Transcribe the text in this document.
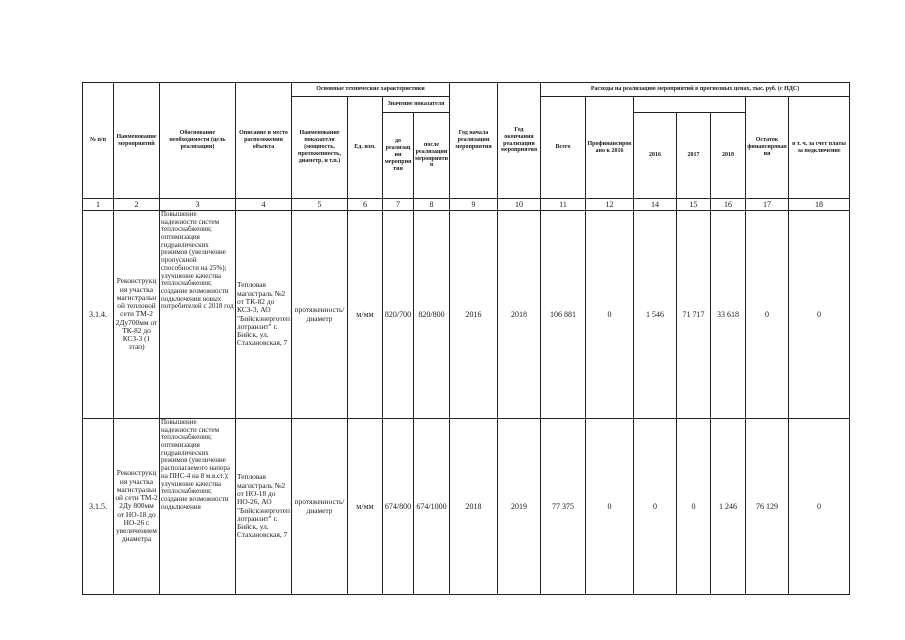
№ п/п	Наименование мероприятий	Обоснование необходимости (цель реализации)	Описание и место расположения объекта	Основные технические характеристики				Год начала реализации мероприятия	Год окончания реализации мероприятия	Расходы на реализацию мероприятий в прогнозных ценах, тыс. руб. (с НДС)						
				Наименование показателя (мощность, протяженность, диаметр, и т.п.)	Ед. изм.	Значение показателя				Всего	Профинансировано к 2016				Остаток финансирования	в т. ч. за счет платы за подключение
						до реализации мероприятия	после реализации мероприятия					2016	2017	2018		
1	2	3	4	5	6	7	8	9	10	11	12	14	15	16	17	18
3.1.4.	Реконструкция участка магистральной тепловой сети ТМ-2 2Ду700мм от ТК-82 до КСЗ-3 (1 этап)	Повышение надежности систем теплоснабжения; оптимизация гидравлических режимов (увеличение пропускной способности на 25%); улучшение качества теплоснабжения; создание возможности подключения новых потребителей с 2018 год	Тепловая магистраль №2 от ТК-82 до КСЗ-3, АО "Бийскэнерготеплотранзит" г. Бийск, ул. Стахановская, 7	протяженность/диаметр	м/мм	820/700	820/800	2016	2018	106 881	0	1 546	71 717	33 618	0	0
3.1.5.	Реконструкция участка магистральной сети ТМ-2 2Ду 800мм от НО-18 до НО-26 с увеличением диаметра	Повышение надежности систем теплоснабжения; оптимизация гидравлических режимов (увеличение располагаемого напора на ПНС-4 на 8 м.в.ст.); улучшение качества теплоснабжения; создание возможности подключения	Тепловая магистраль №2 от НО-18 до НО-26, АО "Бийскэнерготеплотранзит" г. Бийск, ул. Стахановская, 7	протяженность/диаметр	м/мм	674/800	674/1000	2018	2019	77 375	0	0	0	1 246	76 129	0
